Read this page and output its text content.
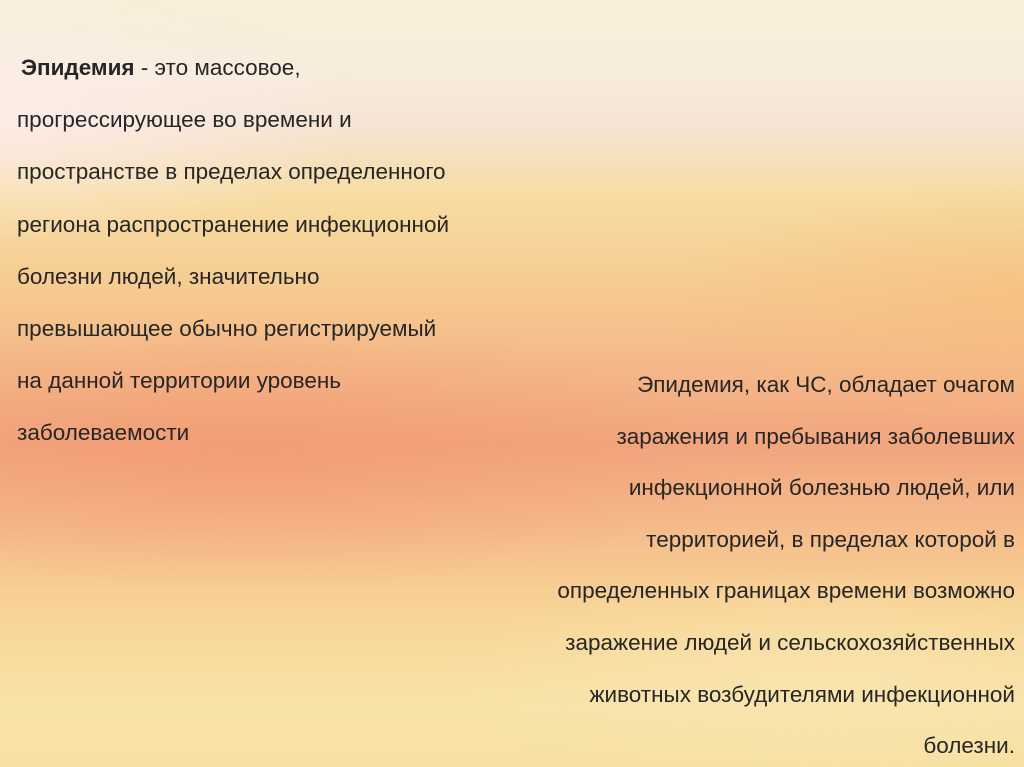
Эпидемия - это массовое,
прогрессирующее во времени и
пространстве в пределах определенного
региона распространение инфекционной
болезни людей, значительно
превышающее обычно регистрируемый
на данной территории уровень
заболеваемости
Эпидемия, как ЧС, обладает очагом
заражения и пребывания заболевших
инфекционной болезнью людей, или
территорией, в пределах которой в
определенных границах времени возможно
заражение людей и сельскохозяйственных
животных возбудителями инфекционной
болезни.
